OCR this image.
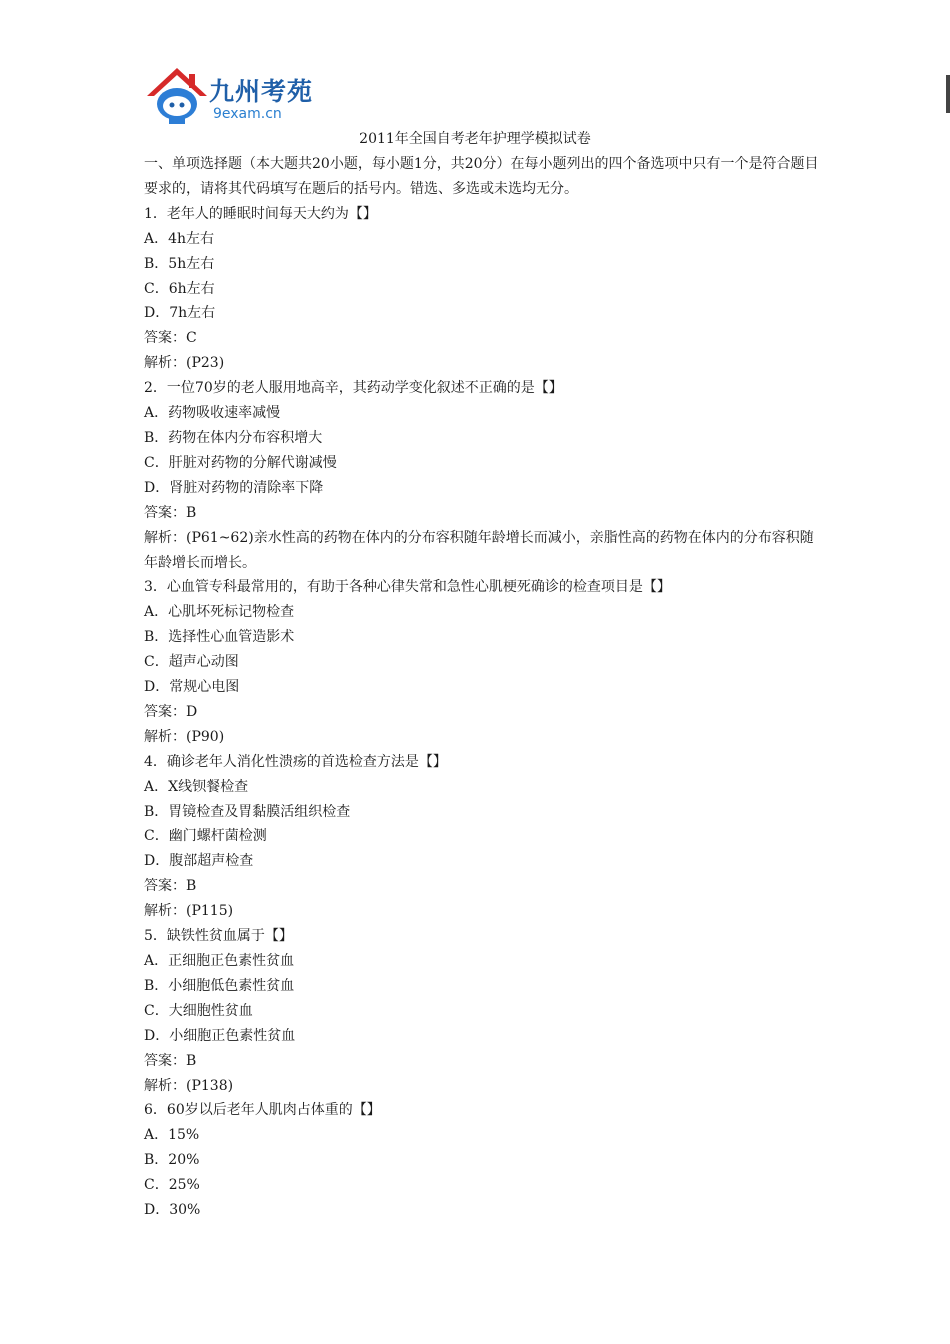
九州考苑
9exam.cn
2011年全国自考老年护理学模拟试卷
一、单项选择题（本大题共20小题，每小题1分，共20分）在每小题列出的四个备选项中只有一个是符合题目要求的，请将其代码填写在题后的括号内。错选、多选或未选均无分。
1．老年人的睡眠时间每天大约为【】
A．4h左右
B．5h左右
C．6h左右
D．7h左右
答案：C
解析：(P23)
2．一位70岁的老人服用地高辛，其药动学变化叙述不正确的是【】
A．药物吸收速率减慢
B．药物在体内分布容积增大
C．肝脏对药物的分解代谢减慢
D．肾脏对药物的清除率下降
答案：B
解析：(P61~62)亲水性高的药物在体内的分布容积随年龄增长而减小，亲脂性高的药物在体内的分布容积随年龄增长而增长。
3．心血管专科最常用的，有助于各种心律失常和急性心肌梗死确诊的检查项目是【】
A．心肌坏死标记物检查
B．选择性心血管造影术
C．超声心动图
D．常规心电图
答案：D
解析：(P90)
4．确诊老年人消化性溃疡的首选检查方法是【】
A．X线钡餐检查
B．胃镜检查及胃黏膜活组织检查
C．幽门螺杆菌检测
D．腹部超声检查
答案：B
解析：(P115)
5．缺铁性贫血属于【】
A．正细胞正色素性贫血
B．小细胞低色素性贫血
C．大细胞性贫血
D．小细胞正色素性贫血
答案：B
解析：(P138)
6．60岁以后老年人肌肉占体重的【】
A．15%
B．20%
C．25%
D．30%
